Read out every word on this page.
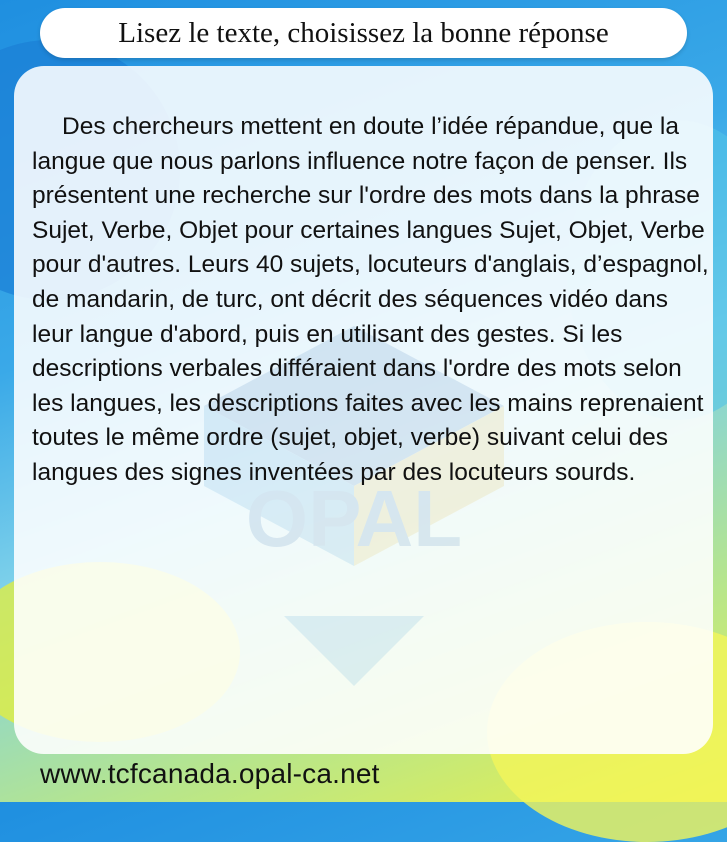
Lisez le texte, choisissez la bonne réponse
OPAL

Des chercheurs mettent en doute l’idée répandue, que la langue que nous parlons influence notre façon de penser. Ils présentent une recherche sur l'ordre des mots dans la phrase Sujet, Verbe, Objet pour certaines langues Sujet, Objet, Verbe pour d'autres. Leurs 40 sujets, locuteurs d'anglais, d’espagnol, de mandarin, de turc, ont décrit des séquences vidéo dans leur langue d'abord, puis en utilisant des gestes. Si les descriptions verbales différaient dans l'ordre des mots selon les langues, les descriptions faites avec les mains reprenaient toutes le même ordre (sujet, objet, verbe) suivant celui des langues des signes inventées par des locuteurs sourds.

www.tcfcanada.opal-ca.net
